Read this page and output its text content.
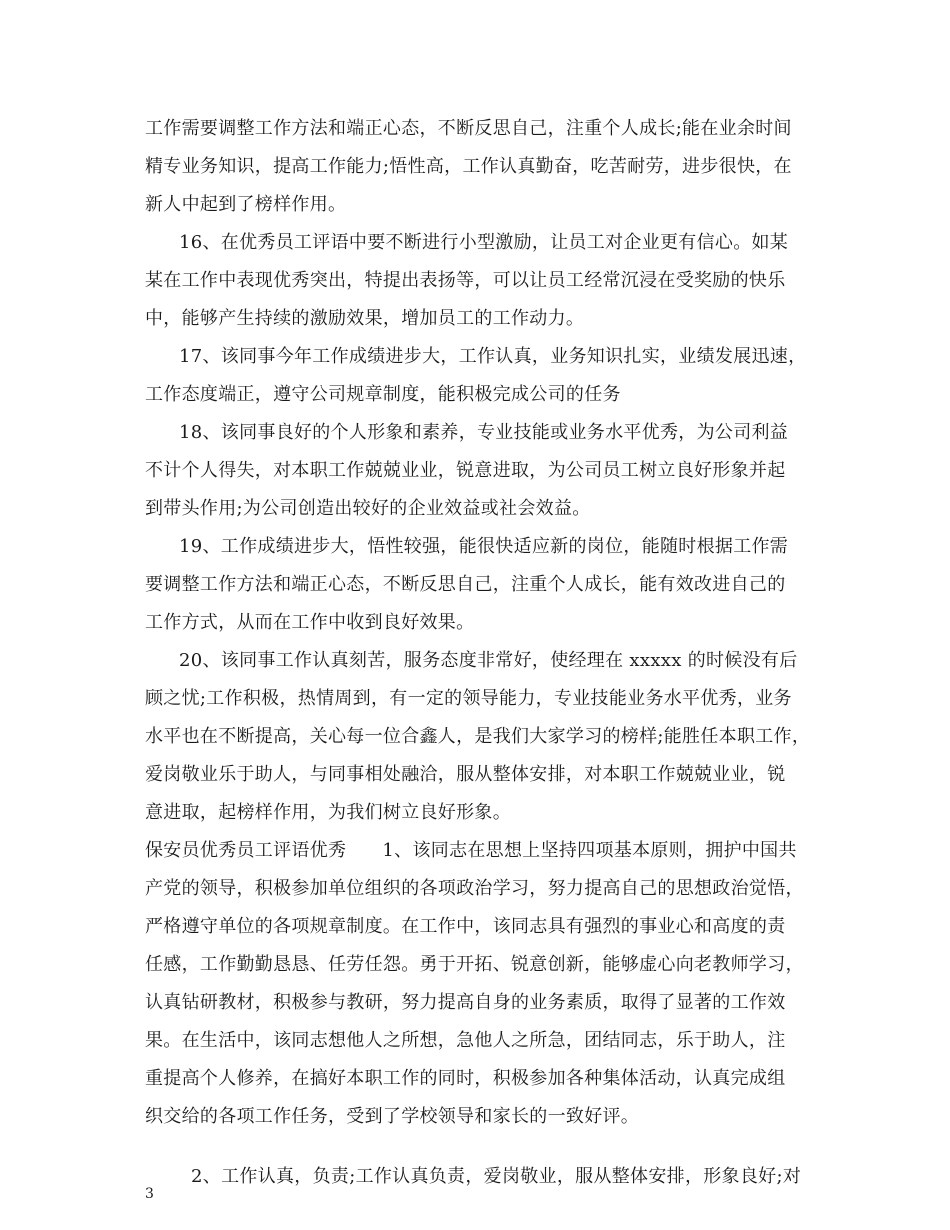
工作需要调整工作方法和端正心态，不断反思自己，注重个人成长;能在业余时间
精专业务知识，提高工作能力;悟性高，工作认真勤奋，吃苦耐劳，进步很快，在
新人中起到了榜样作用。
16、在优秀员工评语中要不断进行小型激励，让员工对企业更有信心。如某
某在工作中表现优秀突出，特提出表扬等，可以让员工经常沉浸在受奖励的快乐
中，能够产生持续的激励效果，增加员工的工作动力。
17、该同事今年工作成绩进步大，工作认真，业务知识扎实，业绩发展迅速，
工作态度端正，遵守公司规章制度，能积极完成公司的任务
18、该同事良好的个人形象和素养，专业技能或业务水平优秀，为公司利益
不计个人得失，对本职工作兢兢业业，锐意进取，为公司员工树立良好形象并起
到带头作用;为公司创造出较好的企业效益或社会效益。
19、工作成绩进步大，悟性较强，能很快适应新的岗位，能随时根据工作需
要调整工作方法和端正心态，不断反思自己，注重个人成长，能有效改进自己的
工作方式，从而在工作中收到良好效果。
20、该同事工作认真刻苦，服务态度非常好，使经理在 xxxxx 的时候没有后
顾之忧;工作积极，热情周到，有一定的领导能力，专业技能业务水平优秀，业务
水平也在不断提高，关心每一位合鑫人，是我们大家学习的榜样;能胜任本职工作，
爱岗敬业乐于助人，与同事相处融洽，服从整体安排，对本职工作兢兢业业，锐
意进取，起榜样作用，为我们树立良好形象。
保安员优秀员工评语优秀      1、该同志在思想上坚持四项基本原则，拥护中国共
产党的领导，积极参加单位组织的各项政治学习，努力提高自己的思想政治觉悟，
严格遵守单位的各项规章制度。在工作中，该同志具有强烈的事业心和高度的责
任感，工作勤勤恳恳、任劳任怨。勇于开拓、锐意创新，能够虚心向老教师学习，
认真钻研教材，积极参与教研，努力提高自身的业务素质，取得了显著的工作效
果。在生活中，该同志想他人之所想，急他人之所急，团结同志，乐于助人，注
重提高个人修养，在搞好本职工作的同时，积极参加各种集体活动，认真完成组
织交给的各项工作任务，受到了学校领导和家长的一致好评。

2、工作认真，负责;工作认真负责，爱岗敬业，服从整体安排，形象良好;对

3
